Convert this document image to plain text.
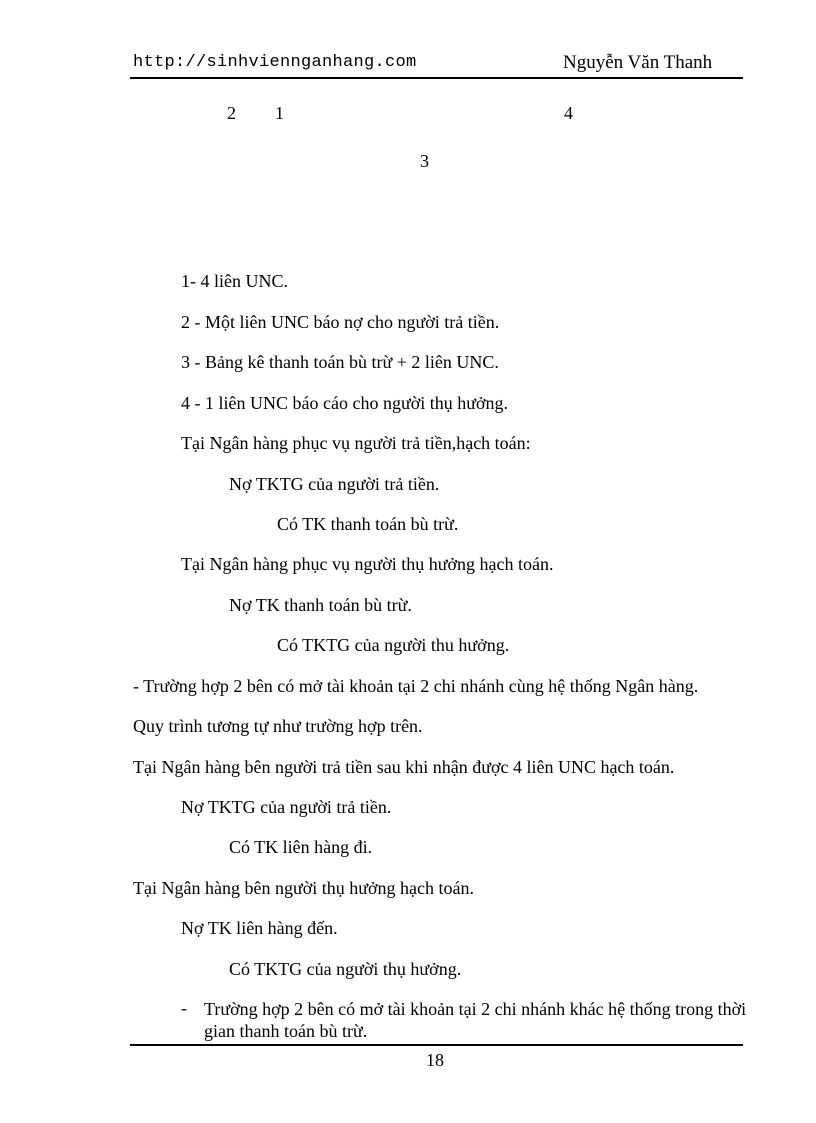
http://sinhviennganhang.com	Nguyễn Văn Thanh
2 1	4
3
1- 4 liên UNC.
2 - Một liên UNC báo nợ cho người trả tiền.
3 - Bảng kê thanh toán bù trừ + 2 liên UNC.
4 - 1 liên UNC báo cáo cho người thụ hưởng.
Tại Ngân hàng phục vụ người trả tiền,hạch toán:
Nợ TKTG của người trả tiền.
Có TK thanh toán bù trừ.
Tại Ngân hàng phục vụ người thụ hưởng hạch toán.
Nợ TK thanh toán bù trừ.
Có TKTG của người thu hưởng.
- Trường hợp 2 bên có mở tài khoản tại 2 chi nhánh cùng hệ thống Ngân hàng.
Quy trình tương tự như trường hợp trên.
Tại Ngân hàng bên người trả tiền sau khi nhận được 4 liên UNC hạch toán.
Nợ TKTG của người trả tiền.
Có TK liên hàng đi.
Tại Ngân hàng bên người thụ hưởng hạch toán.
Nợ TK liên hàng đến.
Có TKTG của người thụ hưởng.
- Trường hợp 2 bên có mở tài khoản tại 2 chi nhánh khác hệ thống trong thời gian thanh toán bù trừ.
18
